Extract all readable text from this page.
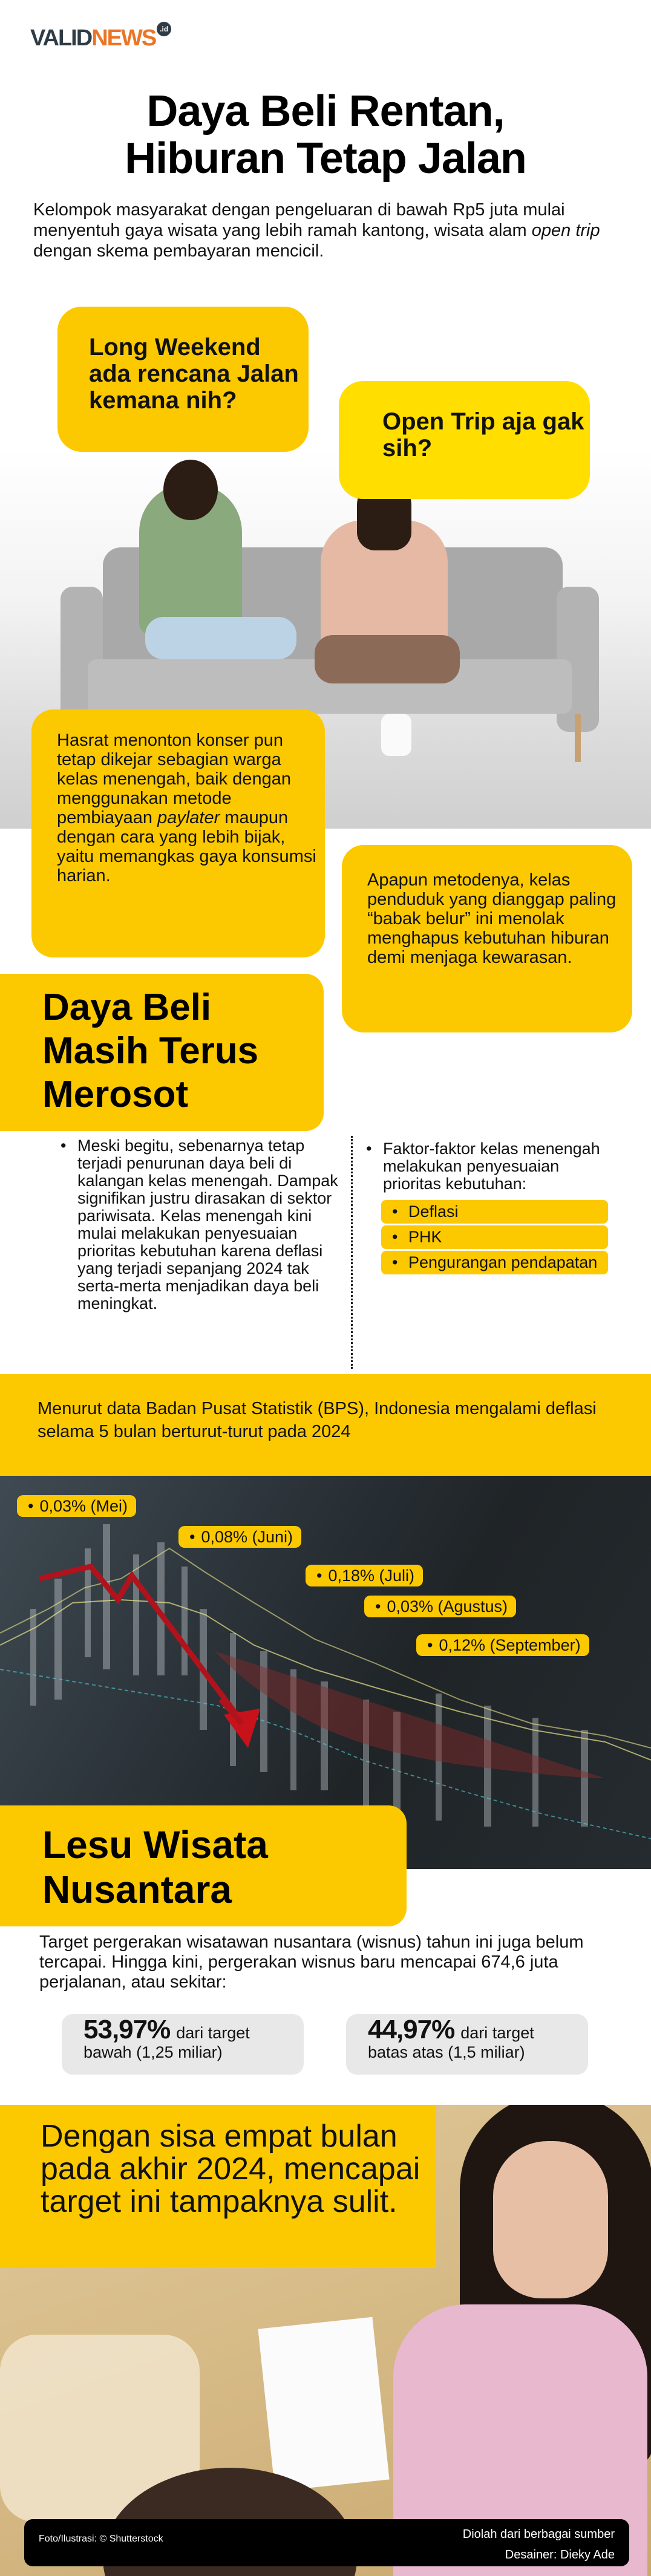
VALID NEWS .id
Daya Beli Rentan,
Hiburan Tetap Jalan
Kelompok masyarakat dengan pengeluaran di bawah Rp5 juta mulai menyentuh gaya wisata yang lebih ramah kantong, wisata alam open trip dengan skema pembayaran mencicil.
Long Weekend ada rencana Jalan kemana nih?
Open Trip aja gak sih?
Hasrat menonton konser pun tetap dikejar sebagian warga kelas menengah, baik dengan menggunakan metode pembiayaan paylater maupun dengan cara yang lebih bijak, yaitu memangkas gaya konsumsi harian.	Apapun metodenya, kelas penduduk yang dianggap paling “babak belur” ini menolak menghapus kebutuhan hiburan demi menjaga kewarasan.
Daya Beli
Masih Terus
Merosot
• Meski begitu, sebenarnya tetap terjadi penurunan daya beli di kalangan kelas menengah. Dampak signifikan justru dirasakan di sektor pariwisata. Kelas menengah kini mulai melakukan penyesuaian prioritas kebutuhan karena deflasi yang terjadi sepanjang 2024 tak serta-merta menjadikan daya beli meningkat.
• Faktor-faktor kelas menengah melakukan penyesuaian prioritas kebutuhan:
• Deflasi
• PHK
• Pengurangan pendapatan
Menurut data Badan Pusat Statistik (BPS), Indonesia mengalami deflasi selama 5 bulan berturut-turut pada 2024
• 0,03% (Mei)
• 0,08% (Juni)
• 0,18% (Juli)
• 0,03% (Agustus)
• 0,12% (September)
Lesu Wisata
Nusantara
Target pergerakan wisatawan nusantara (wisnus) tahun ini juga belum tercapai. Hingga kini, pergerakan wisnus baru mencapai 674,6 juta perjalanan, atau sekitar:
53,97% dari target
bawah (1,25 miliar)
44,97% dari target
batas atas (1,5 miliar)
Dengan sisa empat bulan pada akhir 2024, mencapai target ini tampaknya sulit.
Foto/Ilustrasi: © Shutterstock	Diolah dari berbagai sumber
Desainer: Dieky Ade
